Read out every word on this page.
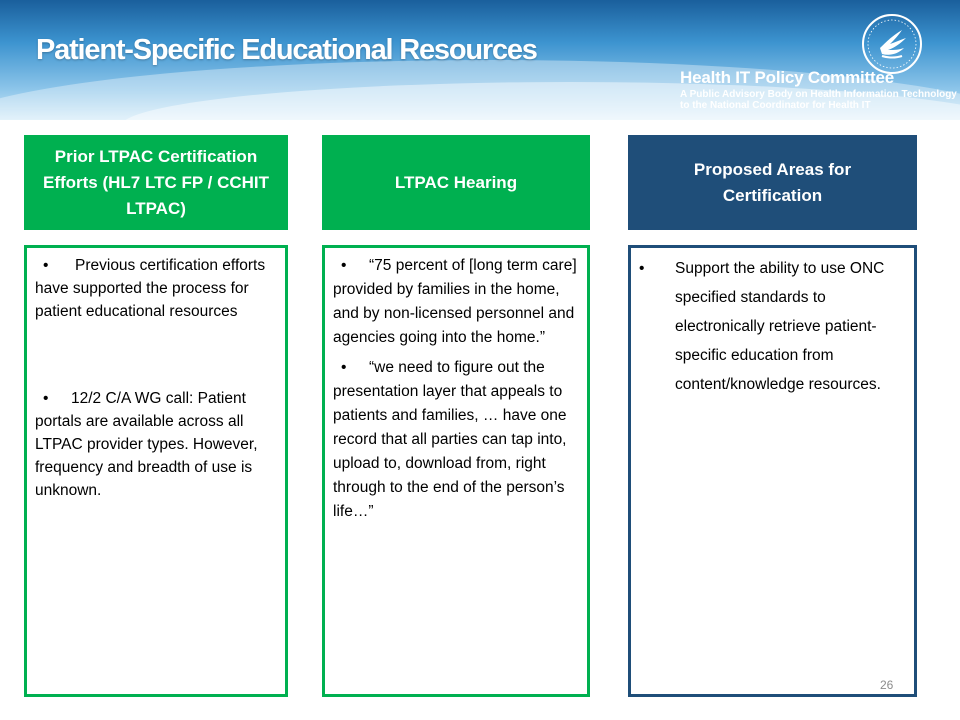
Patient-Specific Educational Resources

Health IT Policy Committee

A Public Advisory Body on Health Information Technology
to the National Coordinator for Health IT

Prior LTPAC Certification Efforts (HL7 LTC FP / CCHIT LTPAC)

•	Previous certification efforts have supported the process for patient educational resources

•	12/2 C/A WG call: Patient portals are available across all LTPAC provider types. However, frequency and breadth of use is unknown.

LTPAC Hearing

•	“75 percent of [long term care] provided by families in the home, and by non-licensed personnel and agencies going into the home.”

•	“we need to figure out the presentation layer that appeals to patients and families, … have one record that all parties can tap into, upload to, download from, right through to the end of the person’s life…”

Proposed Areas for Certification

• Support the ability to use ONC specified standards to electronically retrieve patient-specific education from content/knowledge resources.

26
